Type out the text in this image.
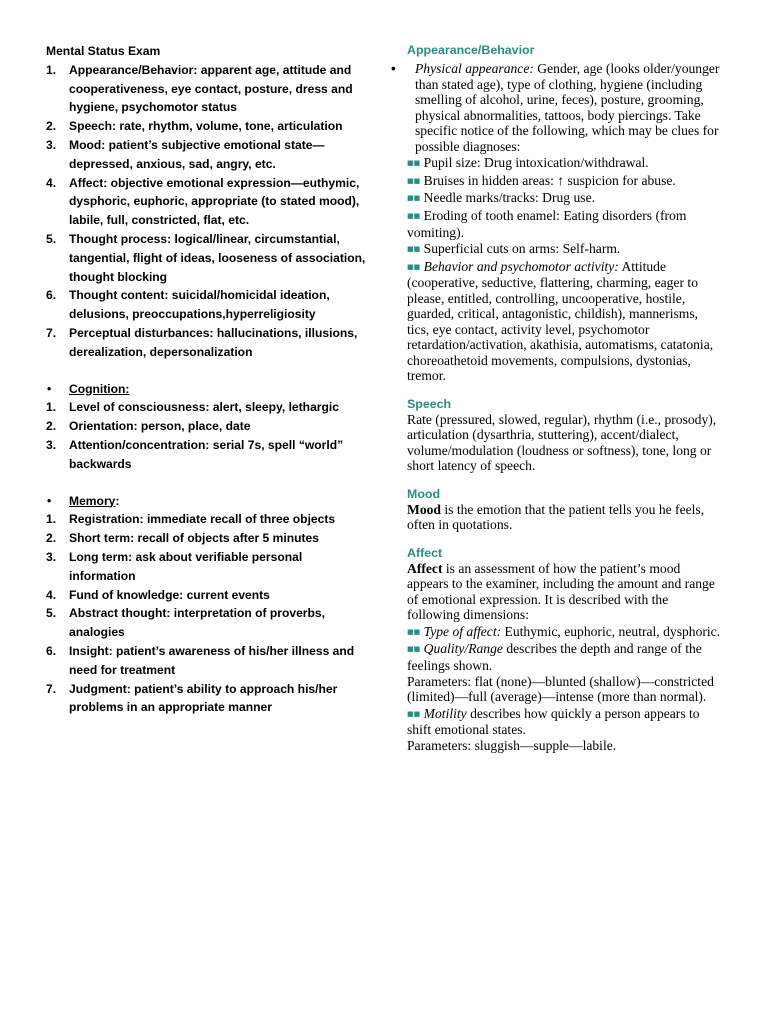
Mental Status Exam

1. Appearance/Behavior: apparent age, attitude and cooperativeness, eye contact, posture, dress and hygiene, psychomotor status
2. Speech: rate, rhythm, volume, tone, articulation
3. Mood: patient’s subjective emotional state—depressed, anxious, sad, angry, etc.
4. Affect: objective emotional expression—euthymic, dysphoric, euphoric, appropriate (to stated mood), labile, full, constricted, flat, etc.
5. Thought process: logical/linear, circumstantial, tangential, flight of ideas, looseness of association, thought blocking
6. Thought content: suicidal/homicidal ideation, delusions, preoccupations,hyperreligiosity
7. Perceptual disturbances: hallucinations, illusions, derealization, depersonalization
• Cognition:
1. Level of consciousness: alert, sleepy, lethargic
2. Orientation: person, place, date
3. Attention/concentration: serial 7s, spell “world” backwards
• Memory:
1. Registration: immediate recall of three objects
2. Short term: recall of objects after 5 minutes
3. Long term: ask about verifiable personal information
4. Fund of knowledge: current events
5. Abstract thought: interpretation of proverbs, analogies
6. Insight: patient’s awareness of his/her illness and need for treatment
7. Judgment: patient’s ability to approach his/her problems in an appropriate manner

Appearance/Behavior

• Physical appearance: Gender, age (looks older/younger than stated age), type of clothing, hygiene (including smelling of alcohol, urine, feces), posture, grooming, physical abnormalities, tattoos, body piercings. Take specific notice of the following, which may be clues for possible diagnoses:

■■ Pupil size: Drug intoxication/withdrawal.

■■ Bruises in hidden areas: ↑ suspicion for abuse.

■■ Needle marks/tracks: Drug use.

■■ Eroding of tooth enamel: Eating disorders (from vomiting).

■■ Superficial cuts on arms: Self-harm.

■■ Behavior and psychomotor activity: Attitude (cooperative, seductive, flattering, charming, eager to please, entitled, controlling, uncooperative, hostile, guarded, critical, antagonistic, childish), mannerisms, tics, eye contact, activity level, psychomotor retardation/activation, akathisia, automatisms, catatonia, choreoathetoid movements, compulsions, dystonias, tremor.

Speech

Rate (pressured, slowed, regular), rhythm (i.e., prosody), articulation (dysarthria, stuttering), accent/dialect, volume/modulation (loudness or softness), tone, long or short latency of speech.

Mood

Mood is the emotion that the patient tells you he feels, often in quotations.

Affect

Affect is an assessment of how the patient’s mood appears to the examiner, including the amount and range of emotional expression. It is described with the following dimensions:

■■ Type of affect: Euthymic, euphoric, neutral, dysphoric.

■■ Quality/Range describes the depth and range of the feelings shown.

Parameters: flat (none)—blunted (shallow)—constricted (limited)—full (average)—intense (more than normal).

■■ Motility describes how quickly a person appears to shift emotional states.

Parameters: sluggish—supple—labile.
